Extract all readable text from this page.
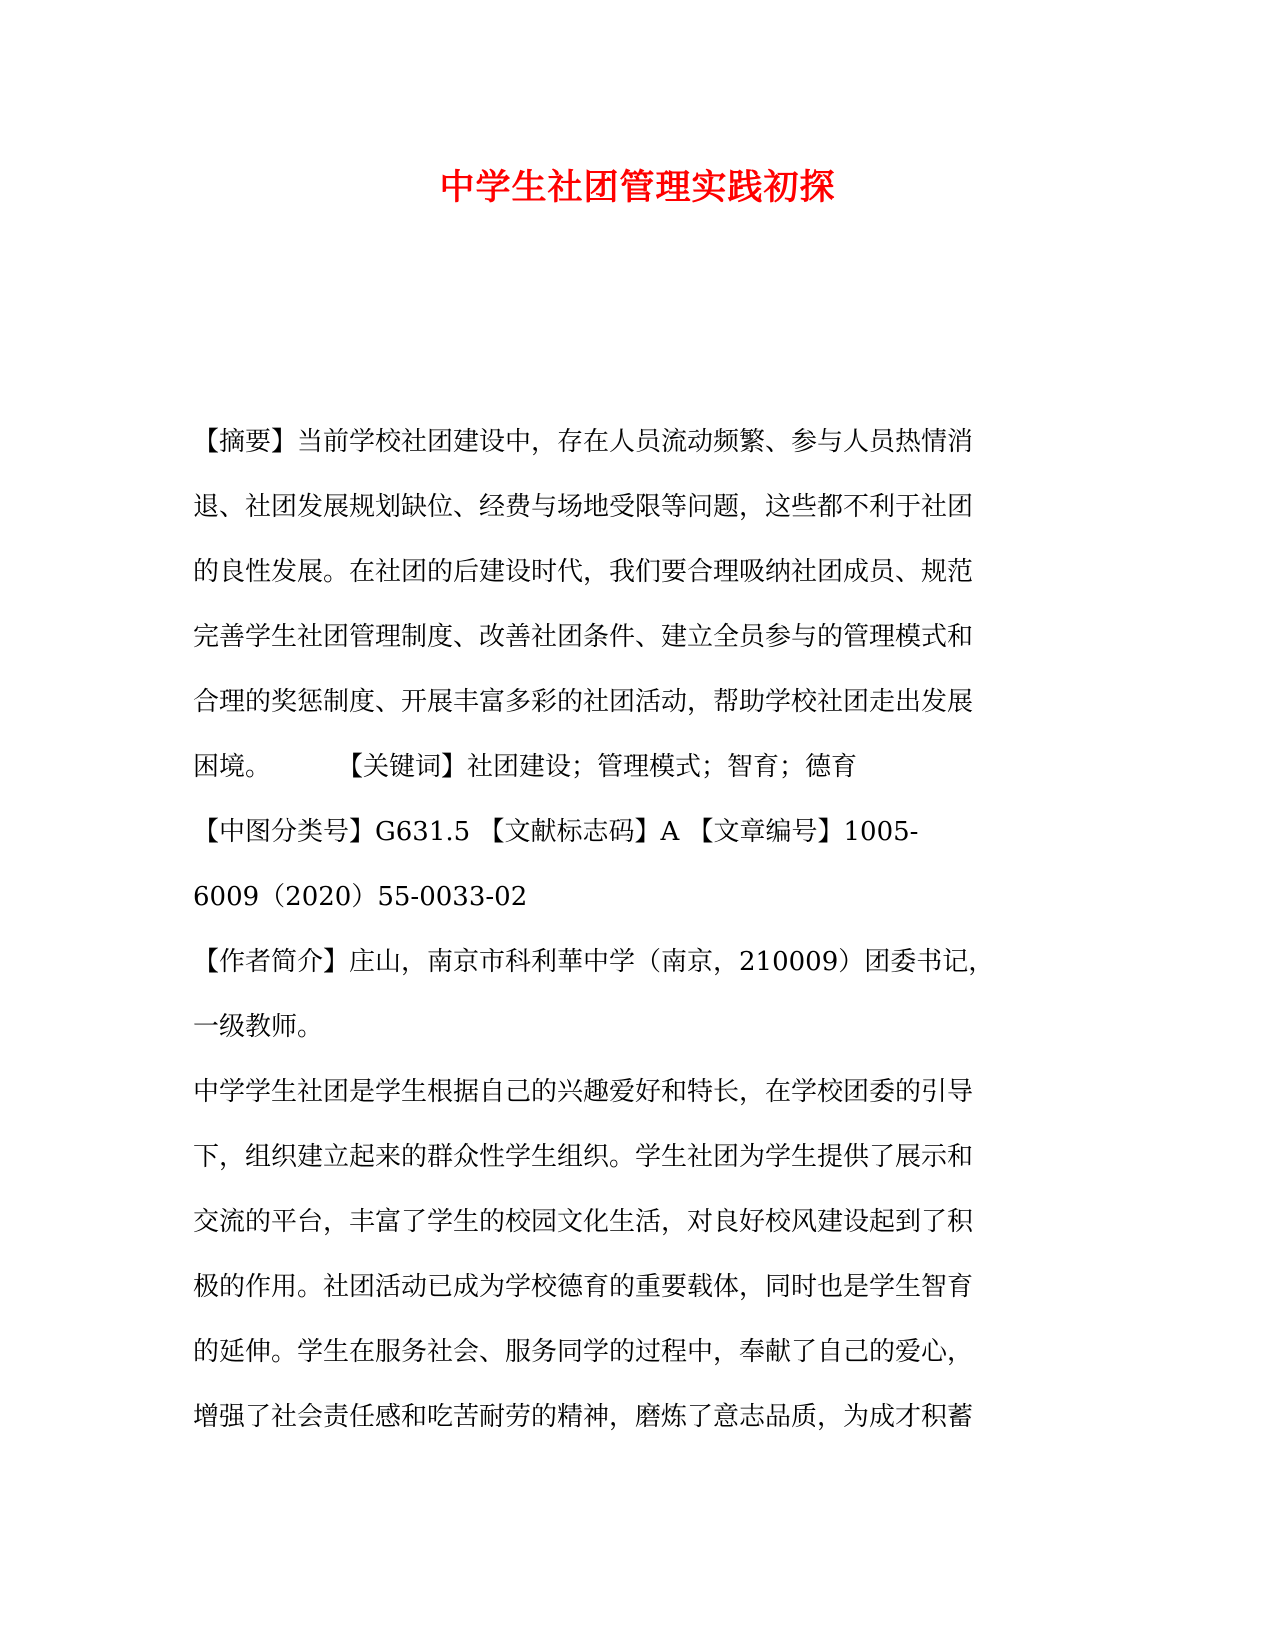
中学生社团管理实践初探

【摘要】当前学校社团建设中，存在人员流动频繁、参与人员热情消
退、社团发展规划缺位、经费与场地受限等问题，这些都不利于社团
的良性发展。在社团的后建设时代，我们要合理吸纳社团成员、规范
完善学生社团管理制度、改善社团条件、建立全员参与的管理模式和
合理的奖惩制度、开展丰富多彩的社团活动，帮助学校社团走出发展
困境。	【关键词】社团建设；管理模式；智育；德育

【中图分类号】G631.5 【文献标志码】A 【文章编号】1005-
6009（2020）55-0033-02

【作者简介】庄山，南京市科利華中学（南京，210009）团委书记，
一级教师。

中学学生社团是学生根据自己的兴趣爱好和特长，在学校团委的引导
下，组织建立起来的群众性学生组织。学生社团为学生提供了展示和
交流的平台，丰富了学生的校园文化生活，对良好校风建设起到了积
极的作用。社团活动已成为学校德育的重要载体，同时也是学生智育
的延伸。学生在服务社会、服务同学的过程中，奉献了自己的爱心，
增强了社会责任感和吃苦耐劳的精神，磨炼了意志品质，为成才积蓄
